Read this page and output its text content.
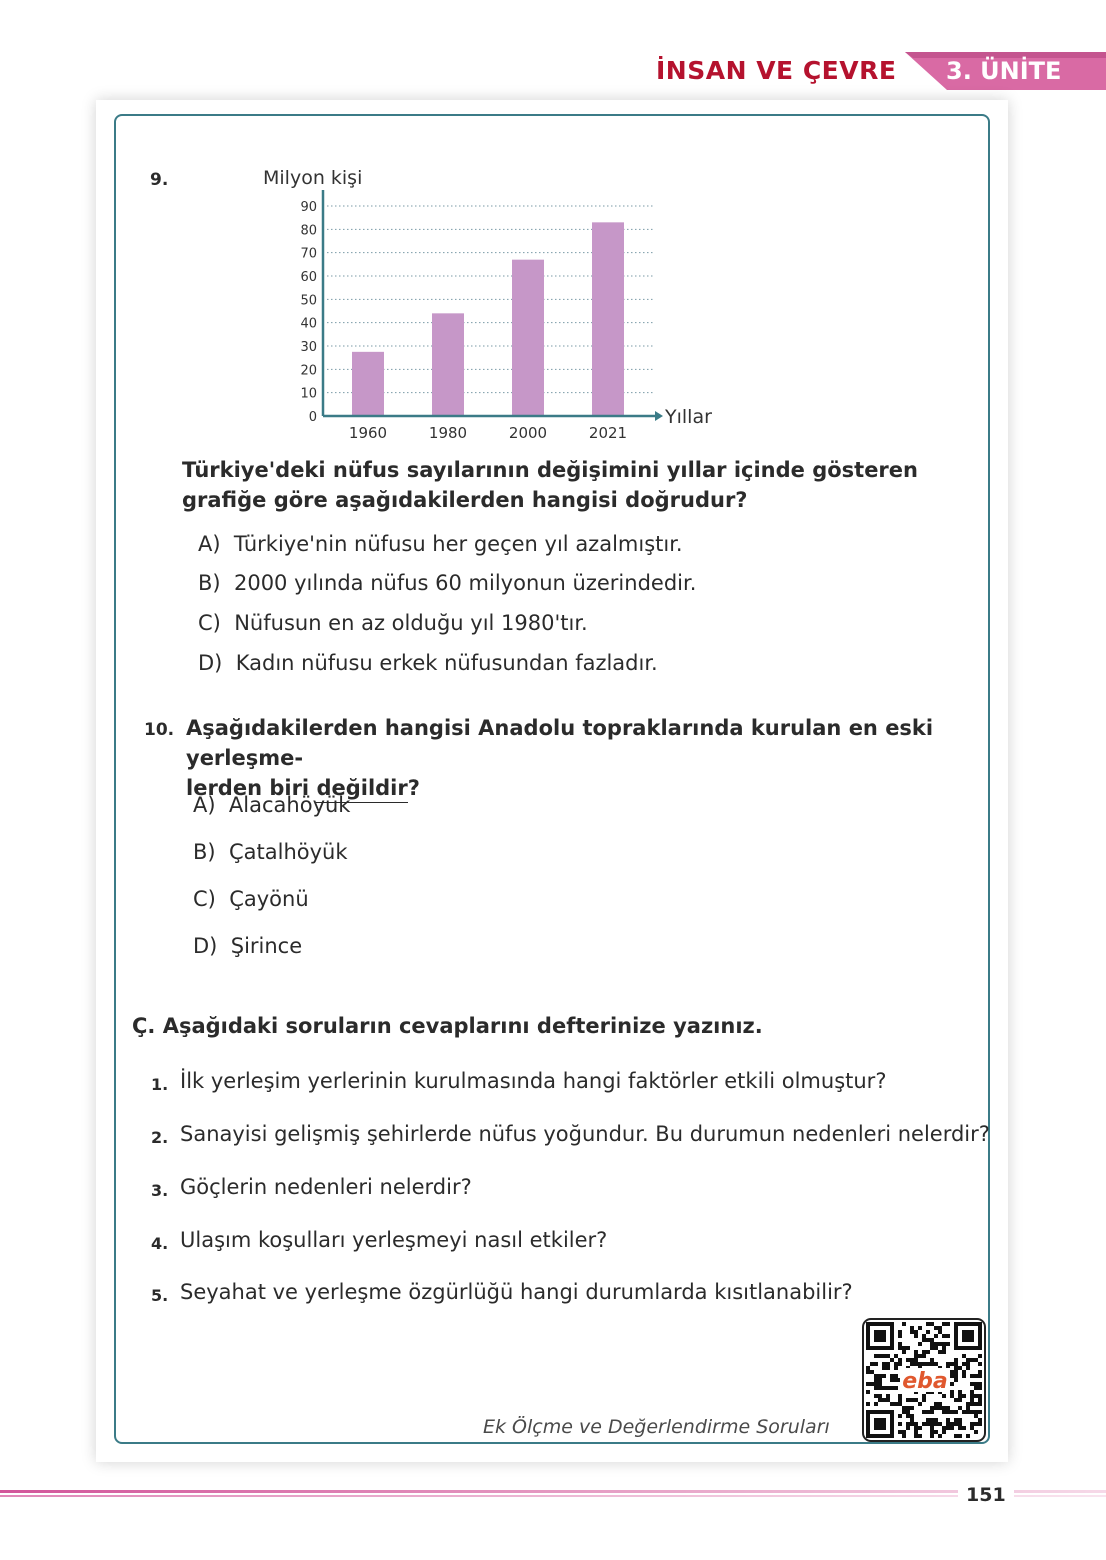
İNSAN VE ÇEVRE 3. ÜNİTE
9.
0
10
20
30
40
50
60
70
80
90
1960	1980	2000	2021
Milyon kişi
Yıllar
Türkiye'deki nüfus sayılarının değişimini yıllar içinde gösteren grafiğe göre aşağıdakilerden hangisi doğrudur?
A) Türkiye'nin nüfusu her geçen yıl azalmıştır.
B) 2000 yılında nüfus 60 milyonun üzerindedir.
C) Nüfusun en az olduğu yıl 1980'tır.
D) Kadın nüfusu erkek nüfusundan fazladır.
10. Aşağıdakilerden hangisi Anadolu topraklarında kurulan en eski yerleşme-
lerden biri değildir?
A) Alacahöyük
B) Çatalhöyük
C) Çayönü
D) Şirince
Ç. Aşağıdaki soruların cevaplarını defterinize yazınız.
1. İlk yerleşim yerlerinin kurulmasında hangi faktörler etkili olmuştur?
2. Sanayisi gelişmiş şehirlerde nüfus yoğundur. Bu durumun nedenleri nelerdir?
3. Göçlerin nedenleri nelerdir?
4. Ulaşım koşulları yerleşmeyi nasıl etkiler?
5. Seyahat ve yerleşme özgürlüğü hangi durumlarda kısıtlanabilir?
Ek Ölçme ve Değerlendirme Soruları
eba
151
